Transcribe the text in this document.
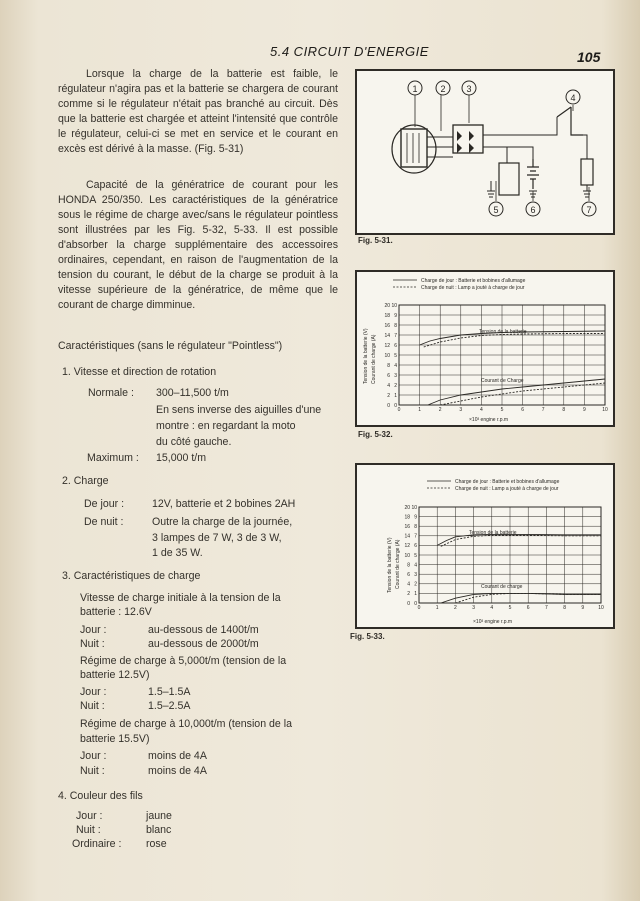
5.4 CIRCUIT D'ENERGIE	105

Lorsque la charge de la batterie est faible, le régulateur n'agira pas et la batterie se chargera de courant comme si le régulateur n'était pas branché au circuit. Dès que la batterie est chargée et atteint l'intensité que contrôle le régulateur, celui-ci se met en service et le courant en excès est dérivé à la masse. (Fig. 5-31)

Capacité de la génératrice de courant pour les HONDA 250/350. Les caractéristiques de la génératrice sous le régime de charge avec/sans le régulateur pointless sont illustrées par les Fig. 5-32, 5-33. Il est possible d'absorber la charge supplémentaire des accessoires ordinaires, cependant, en raison de l'augmentation de la tension du courant, le début de la charge se produit à la vitesse supérieure de la génératrice, de même que le courant de charge dimminue.

Caractéristiques (sans le régulateur "Pointless")
1. Vitesse et direction de rotation
Normale : 300–11,500 t/m
En sens inverse des aiguilles d'une
montre : en regardant la moto
du côté gauche.
Maximum : 15,000 t/m
2. Charge
De jour :	12V, batterie et 2 bobines 2AH
De nuit :	Outre la charge de la journée,
3 lampes de 7 W, 3 de 3 W,
1 de 35 W.
3. Caractéristiques de charge
Vitesse de charge initiale à la tension de la
batterie : 12.6V
Jour :	au-dessous de 1400t/m
Nuit :	au-dessous de 2000t/m
Régime de charge à 5,000t/m (tension de la
batterie 12.5V)
Jour :	1.5–1.5A
Nuit :	1.5–2.5A
Régime de charge à 10,000t/m (tension de la
batterie 15.5V)
Jour :	moins de 4A
Nuit :	moins de 4A
4. Couleur des fils
Jour :	jaune
Nuit :	blanc
Ordinaire : rose
1	2 3
4
5	6	7
Fig. 5-31.
Charge de jour : Batterie et bobines d'allumage
Charge de nuit : Lamp a jouté à charge de jour
Tension de la batterie (V) Courant de charge (A)
×10³ engine r.p.m
Tension de la batterie
Courant de Charge
0	1	2	3	4	5	6	7	8	9	10
20 10
18 9
16 8
14 7
12 6
10 5
8 4
6 3
4 2
2 1
0 0
Fig. 5-32.
Charge de jour : Batterie et bobines d'allumage
Charge de nuit : Lamp a jouté à charge de jour
Tension de la batterie (V) Courant de charge (A)
×10³ engine r.p.m
Tension de la batterie
Courant de charge
0	1	2	3	4	5	6	7	8	9	10
20 10
18 9
16 8
14 7
12 6
10 5
8 4
6 3
4 2
2 1
0 0
Fig. 5-33.
